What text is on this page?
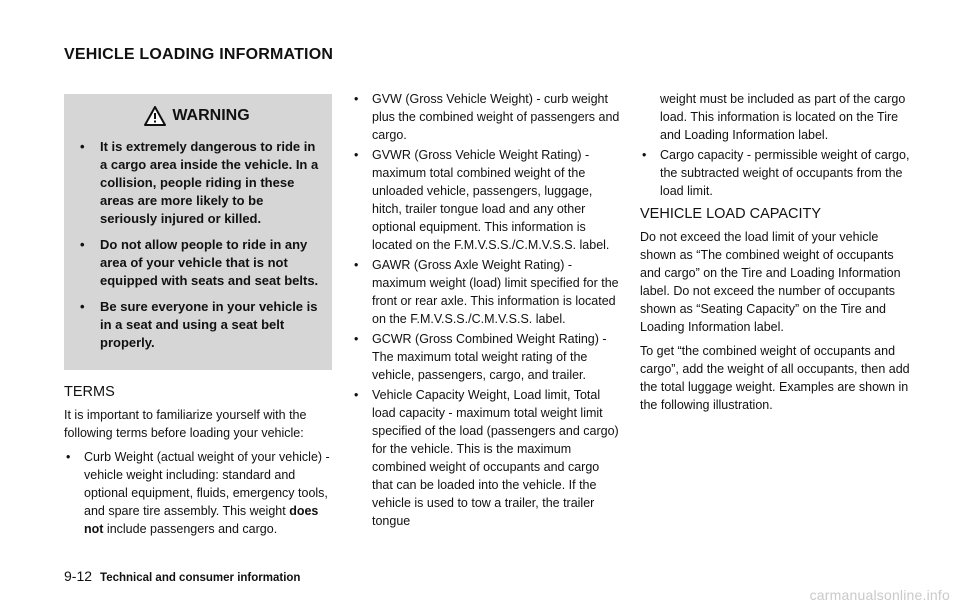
VEHICLE LOADING INFORMATION
WARNING
• It is extremely dangerous to ride in a cargo area inside the vehicle. In a collision, people riding in these areas are more likely to be seriously injured or killed.
• Do not allow people to ride in any area of your vehicle that is not equipped with seats and seat belts.
• Be sure everyone in your vehicle is in a seat and using a seat belt properly.
TERMS

It is important to familiarize yourself with the following terms before loading your vehicle:

• Curb Weight (actual weight of your vehicle) - vehicle weight including: standard and optional equipment, fluids, emergency tools, and spare tire assembly. This weight does not include passengers and cargo.
• GVW (Gross Vehicle Weight) - curb weight plus the combined weight of passengers and cargo.
• GVWR (Gross Vehicle Weight Rating) - maximum total combined weight of the unloaded vehicle, passengers, luggage, hitch, trailer tongue load and any other optional equipment. This information is located on the F.M.V.S.S./C.M.V.S.S. label.
• GAWR (Gross Axle Weight Rating) - maximum weight (load) limit specified for the front or rear axle. This information is located on the F.M.V.S.S./C.M.V.S.S. label.
• GCWR (Gross Combined Weight Rating) - The maximum total weight rating of the vehicle, passengers, cargo, and trailer.
• Vehicle Capacity Weight, Load limit, Total load capacity - maximum total weight limit specified of the load (passengers and cargo) for the vehicle. This is the maximum combined weight of occupants and cargo that can be loaded into the vehicle. If the vehicle is used to tow a trailer, the trailer tongue
weight must be included as part of the cargo load. This information is located on the Tire and Loading Information label.
• Cargo capacity - permissible weight of cargo, the subtracted weight of occupants from the load limit.
VEHICLE LOAD CAPACITY

Do not exceed the load limit of your vehicle shown as “The combined weight of occupants and cargo” on the Tire and Loading Information label. Do not exceed the number of occupants shown as “Seating Capacity” on the Tire and Loading Information label.

To get “the combined weight of occupants and cargo”, add the weight of all occupants, then add the total luggage weight. Examples are shown in the following illustration.

9-12 Technical and consumer information
carmanualsonline.info
